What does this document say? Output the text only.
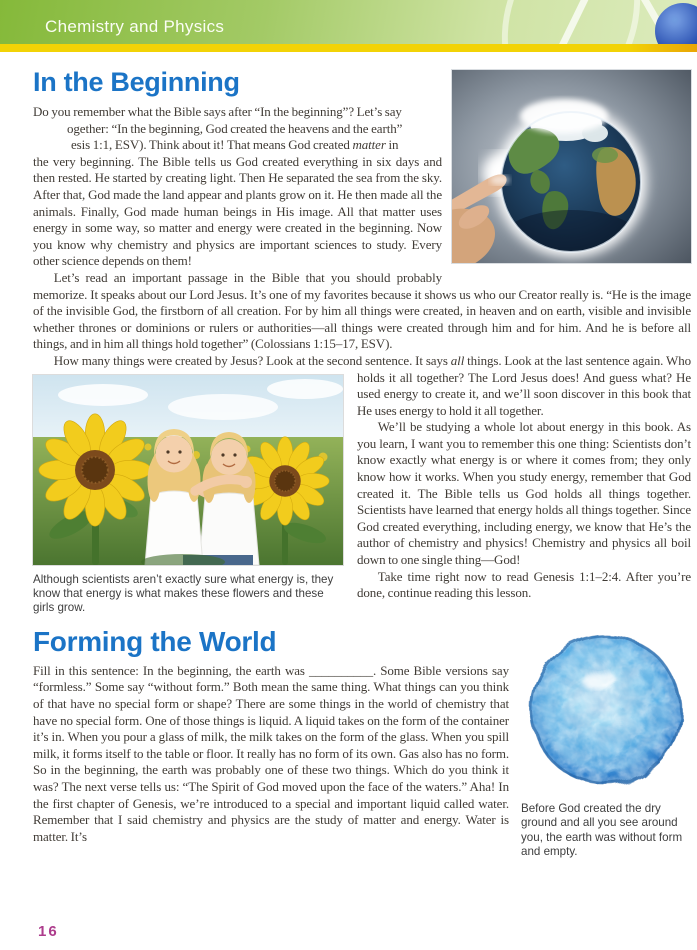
Chemistry and Physics
In the Beginning

Do you remember what the Bible says after “In the beginning”? Let’s say
ogether: “In the beginning, God created the heavens and the earth”
esis 1:1, ESV). Think about it! That means God created matter in
the very beginning. The Bible tells us God created everything in six days and then rested. He started by creating light. Then He separated the sea from the sky. After that, God made the land appear and plants grow on it. He then made all the animals. Finally, God made human beings in His image. All that matter uses energy in some way, so matter and energy were created in the beginning. Now you know why chemistry and physics are important sciences to study. Every other science depends on them!

Let’s read an important passage in the Bible that you should probably memorize. It speaks about our Lord Jesus. It’s one of my favorites because it shows us who our Creator really is. “He is the image of the invisible God, the firstborn of all creation. For by him all things were created, in heaven and on earth, visible and invisible whether thrones or dominions or rulers or authorities—all things were created through him and for him. And he is before all things, and in him all things hold together” (Colossians 1:15–17, ESV).

How many things were created by Jesus? Look at the second sentence. It says all things. Look at the last sentence
Although scientists aren’t exactly sure what energy is, they know that energy is what makes these flowers and these girls grow.
again. Who holds it all together? The Lord Jesus does! And guess what? He used energy to create it, and we’ll soon discover in this book that He uses energy to hold it all together.

We’ll be studying a whole lot about energy in this book. As you learn, I want you to remember this one thing: Scientists don’t know exactly what energy is or where it comes from; they only know how it works. When you study energy, remember that God created it. The Bible tells us God holds all things together. Scientists have learned that energy holds all things together. Since God created everything, including energy, we know that He’s the author of chemistry and physics! Chemistry and physics all boil down to one single thing—God!

Take time right now to read Genesis 1:1–2:4. After you’re done, continue reading this lesson.

Before God created the dry ground and all you see around you, the earth was without form and empty.
Forming the World

Fill in this sentence: In the beginning, the earth was __________. Some Bible versions say “formless.” Some say “without form.” Both mean the same thing. What things can you think of that have no special form or shape? There are some things in the world of chemistry that have no special form. One of those things is liquid. A liquid takes on the form of the container it’s in. When you pour a glass of milk, the milk takes on the form of the glass. When you spill milk, it forms itself to the table or floor. It really has no form of its own. Gas also has no form. So in the beginning, the earth was probably one of these two things. Which do you think it was? The next verse tells us: “The Spirit of God moved upon the face of the waters.” Aha! In the first chapter of Genesis, we’re introduced to a special and important liquid called water. Remember that I said chemistry and physics are the study of matter and energy. Water is matter. It’s

16
